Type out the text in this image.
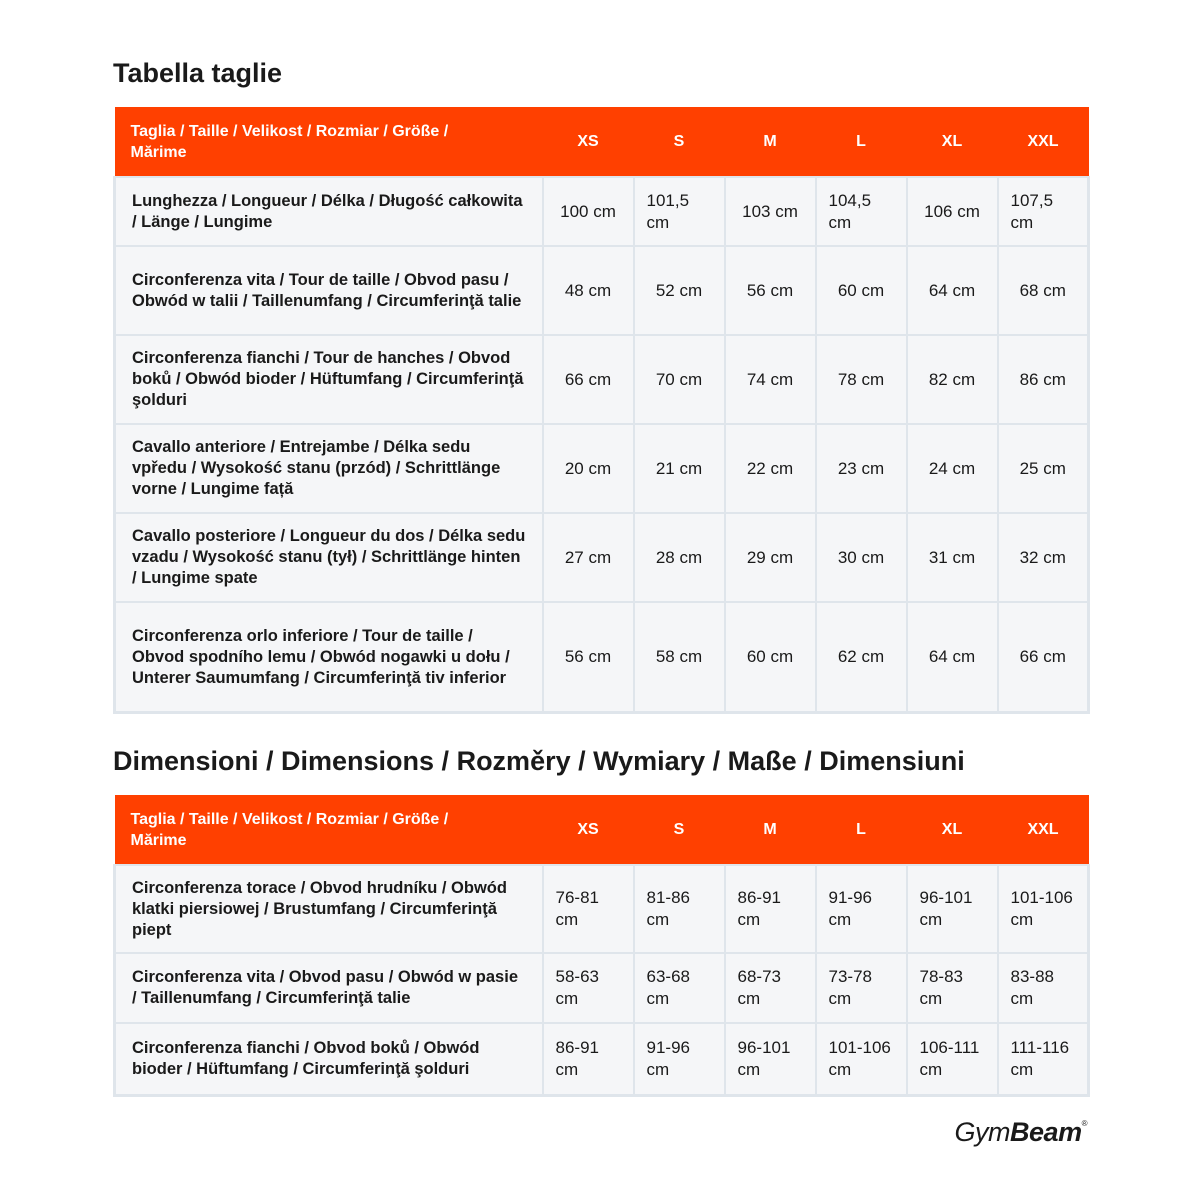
Tabella taglie
Taglia / Taille / Velikost / Rozmiar / Größe / Mărime	XS	S	M	L	XL	XXL
Lunghezza / Longueur / Délka / Długość całkowita / Länge / Lungime	100 cm	101,5 cm	103 cm	104,5 cm	106 cm	107,5 cm
Circonferenza vita / Tour de taille / Obvod pasu / Obwód w talii / Taillenumfang / Circumferinţă talie	48 cm	52 cm	56 cm	60 cm	64 cm	68 cm
Circonferenza fianchi / Tour de hanches / Obvod boků / Obwód bioder / Hüftumfang / Circumferinţă şolduri	66 cm	70 cm	74 cm	78 cm	82 cm	86 cm
Cavallo anteriore / Entrejambe / Délka sedu vpředu / Wysokość stanu (przód) / Schrittlänge vorne / Lungime față	20 cm	21 cm	22 cm	23 cm	24 cm	25 cm
Cavallo posteriore / Longueur du dos / Délka sedu vzadu / Wysokość stanu (tył) / Schrittlänge hinten / Lungime spate	27 cm	28 cm	29 cm	30 cm	31 cm	32 cm
Circonferenza orlo inferiore / Tour de taille / Obvod spodního lemu / Obwód nogawki u dołu / Unterer Saumumfang / Circumferinţă tiv inferior	56 cm	58 cm	60 cm	62 cm	64 cm	66 cm
Dimensioni / Dimensions / Rozměry / Wymiary / Maße / Dimensiuni
Taglia / Taille / Velikost / Rozmiar / Größe / Mărime	XS	S	M	L	XL	XXL
Circonferenza torace / Obvod hrudníku / Obwód klatki piersiowej / Brustumfang / Circumferinţă piept	76-81 cm	81-86 cm	86-91 cm	91-96 cm	96-101 cm	101-106 cm
Circonferenza vita / Obvod pasu / Obwód w pasie / Taillenumfang / Circumferinţă talie	58-63 cm	63-68 cm	68-73 cm	73-78 cm	78-83 cm	83-88 cm
Circonferenza fianchi / Obvod boků / Obwód bioder / Hüftumfang / Circumferinţă şolduri	86-91 cm	91-96 cm	96-101 cm	101-106 cm	106-111 cm	111-116 cm
GymBeam®
